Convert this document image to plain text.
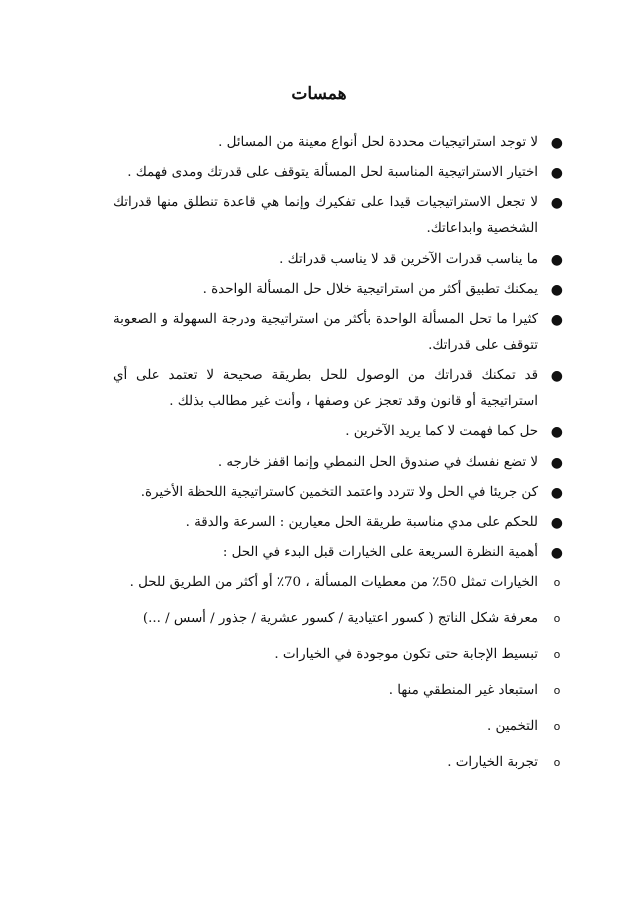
همسات
●
لا توجد استراتيجيات محددة لحل أنواع معينة من المسائل .
●
اختيار الاستراتيجية المناسبة لحل المسألة يتوقف على قدرتك ومدى فهمك .
●
لا تجعل الاستراتيجيات قيدا على تفكيرك وإنما هي قاعدة تنطلق منها قدراتك الشخصية وابداعاتك.
●
ما يناسب قدرات الآخرين قد لا يناسب قدراتك .
●
يمكنك تطبيق أكثر من استراتيجية خلال حل المسألة الواحدة .
●
كثيرا ما تحل المسألة الواحدة بأكثر من استراتيجية ودرجة السهولة و الصعوبة تتوقف على قدراتك.
●
قد تمكنك قدراتك من الوصول للحل بطريقة صحيحة لا تعتمد على أي استراتيجية أو قانون وقد تعجز عن وصفها ، وأنت غير مطالب بذلك .
●
حل كما فهمت لا كما يريد الآخرين .
●
لا تضع نفسك في صندوق الحل النمطي وإنما اقفز خارجه .
●
كن جريئا في الحل ولا تتردد واعتمد التخمين كاستراتيجية اللحظة الأخيرة.
●
للحكم على مدي مناسبة طريقة الحل معيارين : السرعة والدقة .
●
أهمية النظرة السريعة على الخيارات قبل البدء في الحل :
o
الخيارات تمثل 50٪ من معطيات المسألة ، 70٪ أو أكثر من الطريق للحل .
o
معرفة شكل الناتج ( كسور اعتيادية / كسور عشرية / جذور / أسس / ...)
o
تبسيط الإجابة حتى تكون موجودة في الخيارات .
o
استبعاد غير المنطقي منها .
o
التخمين .
o
تجربة الخيارات .
